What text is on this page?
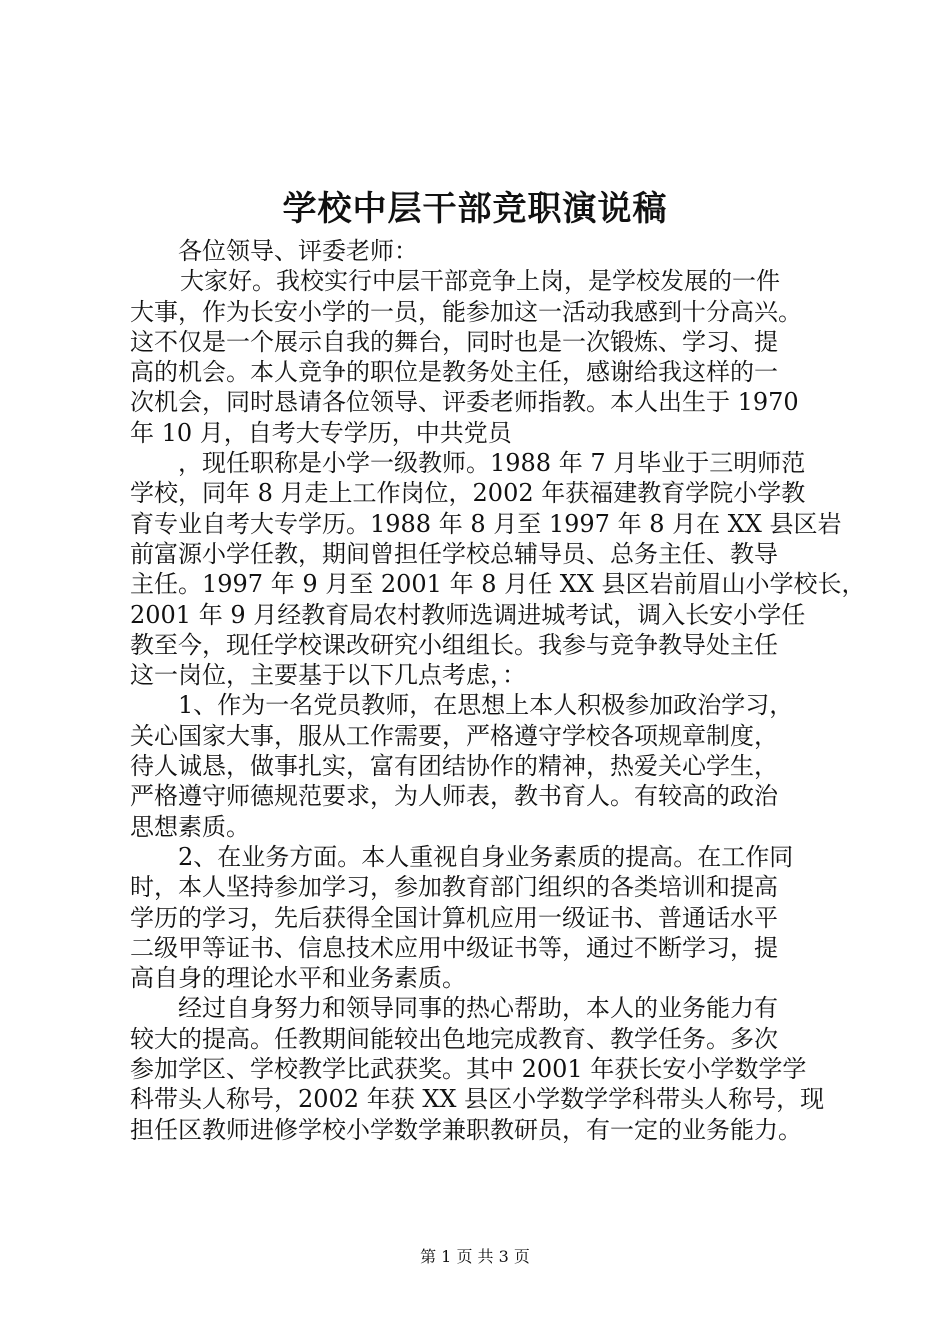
学校中层干部竞职演说稿
各位领导、评委老师：
大家好。我校实行中层干部竞争上岗，是学校发展的一件
大事，作为长安小学的一员，能参加这一活动我感到十分高兴。
这不仅是一个展示自我的舞台，同时也是一次锻炼、学习、提
高的机会。本人竞争的职位是教务处主任，感谢给我这样的一
次机会，同时恳请各位领导、评委老师指教。本人出生于 1970
年 10 月，自考大专学历，中共党员
，现任职称是小学一级教师。1988 年 7 月毕业于三明师范
学校，同年 8 月走上工作岗位，2002 年获福建教育学院小学教
育专业自考大专学历。1988 年 8 月至 1997 年 8 月在 XX 县区岩
前富源小学任教，期间曾担任学校总辅导员、总务主任、教导
主任。1997 年 9 月至 2001 年 8 月任 XX 县区岩前眉山小学校长，
2001 年 9 月经教育局农村教师选调进城考试，调入长安小学任
教至今，现任学校课改研究小组组长。我参与竞争教导处主任
这一岗位，主要基于以下几点考虑，：
1、作为一名党员教师，在思想上本人积极参加政治学习，
关心国家大事，服从工作需要，严格遵守学校各项规章制度，
待人诚恳，做事扎实，富有团结协作的精神，热爱关心学生，
严格遵守师德规范要求，为人师表，教书育人。有较高的政治
思想素质。
2、在业务方面。本人重视自身业务素质的提高。在工作同
时，本人坚持参加学习，参加教育部门组织的各类培训和提高
学历的学习，先后获得全国计算机应用一级证书、普通话水平
二级甲等证书、信息技术应用中级证书等，通过不断学习，提
高自身的理论水平和业务素质。
经过自身努力和领导同事的热心帮助，本人的业务能力有
较大的提高。任教期间能较出色地完成教育、教学任务。多次
参加学区、学校教学比武获奖。其中 2001 年获长安小学数学学
科带头人称号，2002 年获 XX 县区小学数学学科带头人称号，现
担任区教师进修学校小学数学兼职教研员，有一定的业务能力。
第 1 页 共 3 页
